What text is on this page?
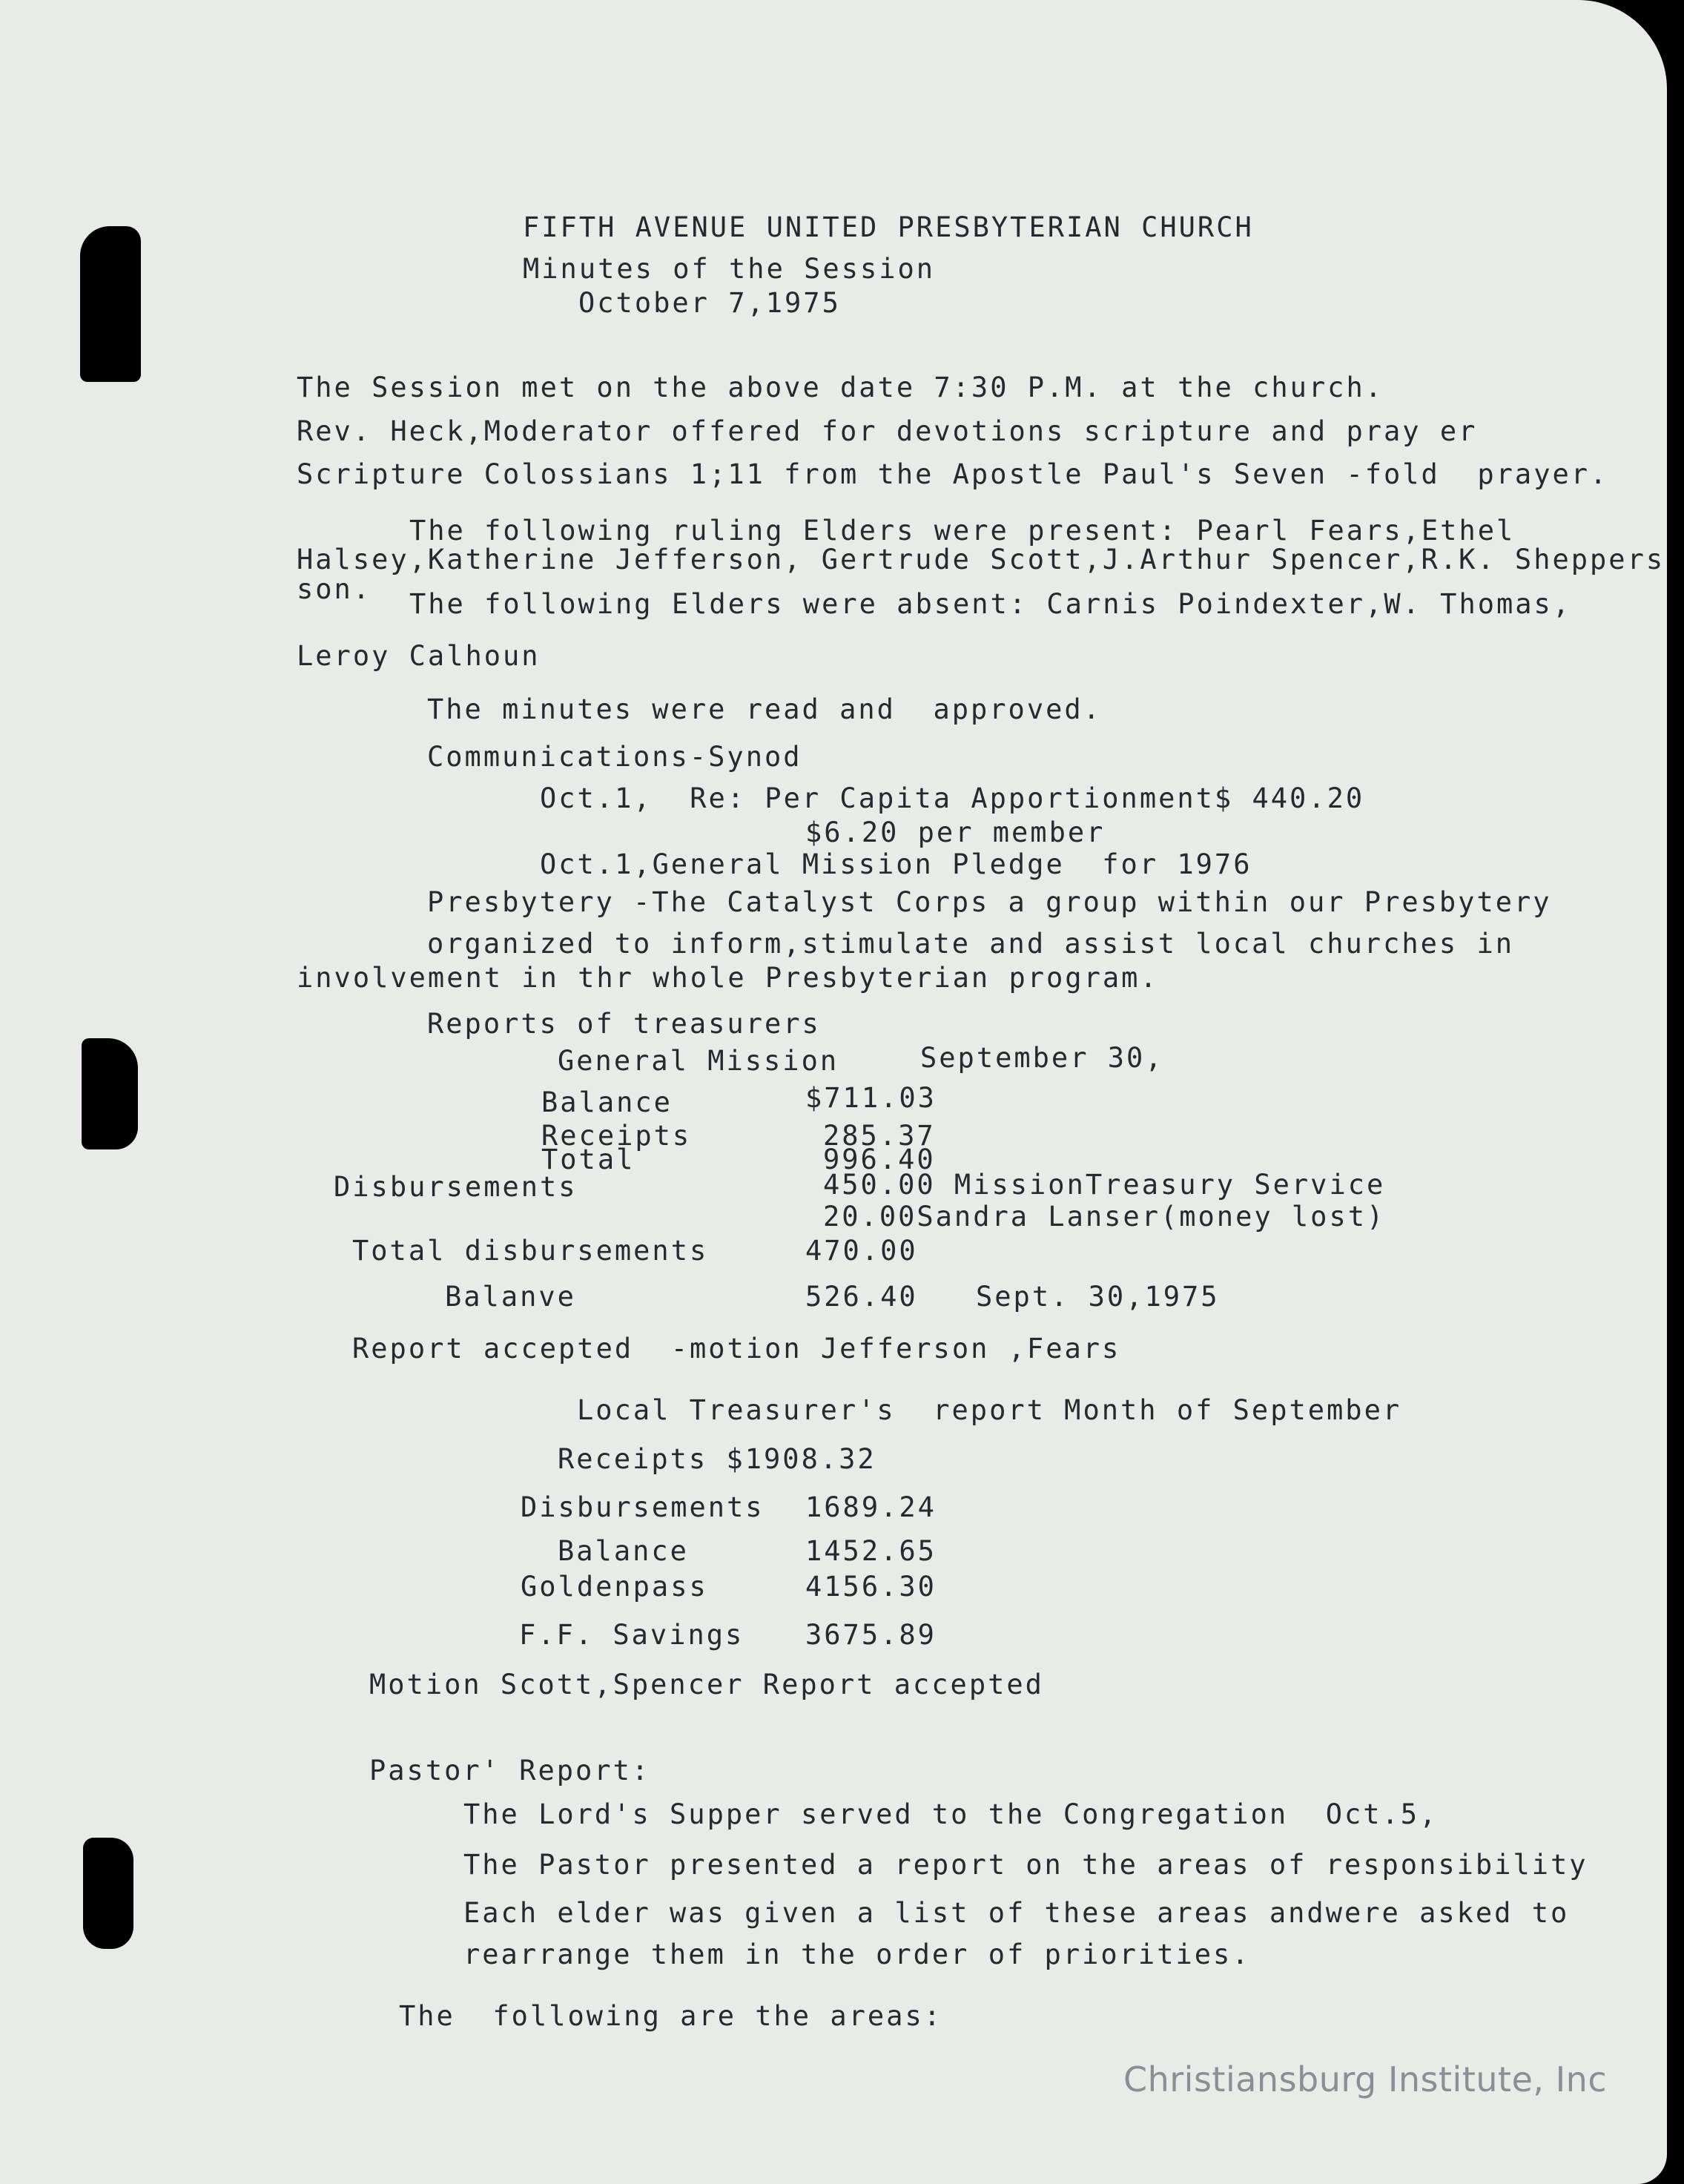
FIFTH AVENUE UNITED PRESBYTERIAN CHURCH
Minutes of the Session
October 7,1975
The Session met on the above date 7:30 P.M. at the church.
Rev. Heck,Moderator offered for devotions scripture and pray er
Scripture Colossians 1;11 from the Apostle Paul's Seven -fold  prayer.
The following ruling Elders were present: Pearl Fears,Ethel
Halsey,Katherine Jefferson, Gertrude Scott,J.Arthur Spencer,R.K. Sheppers
son. The following Elders were absent: Carnis Poindexter,W. Thomas,
Leroy Calhoun
The minutes were read and  approved.
Communications-Synod
Oct.1,  Re: Per Capita Apportionment$ 440.20
$6.20 per member
Oct.1,General Mission Pledge  for 1976
Presbytery -The Catalyst Corps a group within our Presbytery
organized to inform,stimulate and assist local churches in
involvement in thr whole Presbyterian program.
Reports of treasurers
General Mission	September 30,
Balance	$711.03
Receipts	285.37
Total	996.40
Disbursements	450.00 MissionTreasury Service
20.00Sandra Lanser(money lost)
Total disbursements	470.00
Balanve	526.40 Sept. 30,1975
Report accepted  -motion Jefferson ,Fears
Local Treasurer's  report Month of September
Receipts $1908.32
Disbursements 1689.24
Balance	1452.65
Goldenpass	4156.30
F.F. Savings 3675.89
Motion Scott,Spencer Report accepted
Pastor' Report:
The Lord's Supper served to the Congregation  Oct.5,
The Pastor presented a report on the areas of responsibility
Each elder was given a list of these areas andwere asked to
rearrange them in the order of priorities.
The  following are the areas:
Christiansburg Institute, Inc
